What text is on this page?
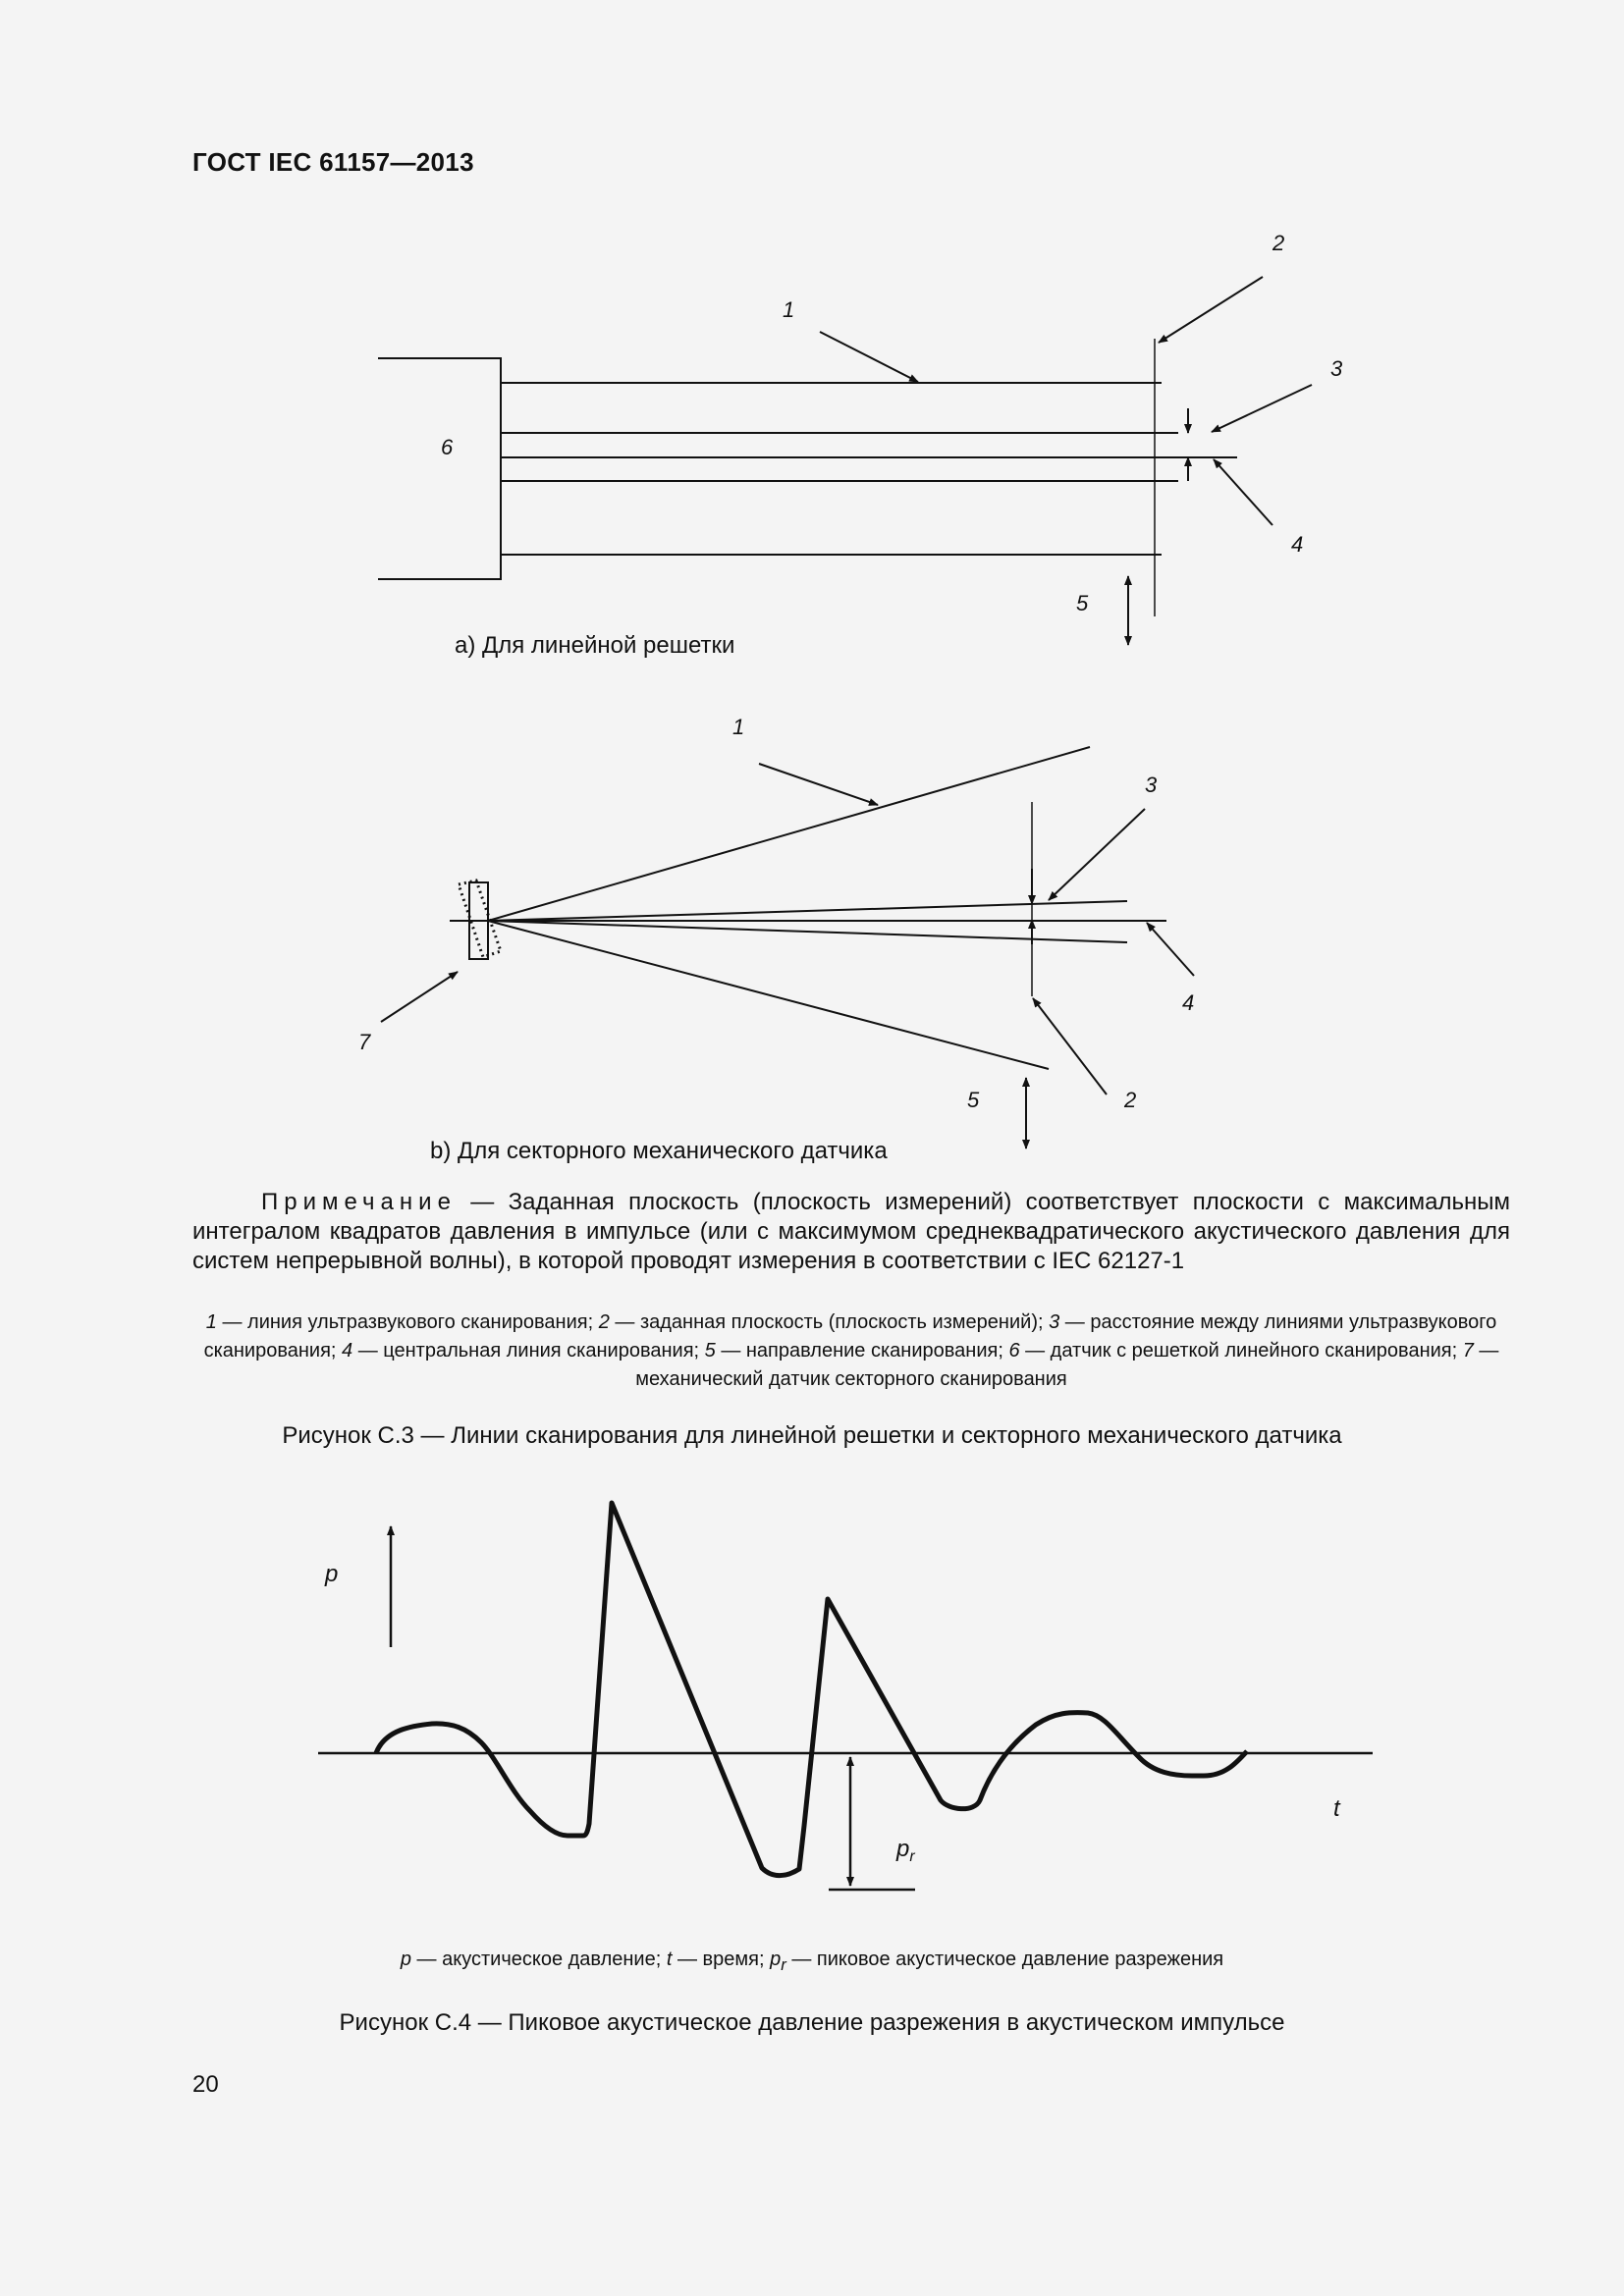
ГОСТ IEC 61157—2013
1
2
3
4
5
6
а) Для линейной решетки
1
3
4
2
5
7
b) Для секторного механического датчика
p
t
$p_r$
Примечание — Заданная плоскость (плоскость измерений) соответствует плоскости с максимальным интегралом квадратов давления в импульсе (или с максимумом среднеквадратического акустического давления для систем непрерывной волны), в которой проводят измерения в соответствии с IEC 62127-1
1 — линия ультразвукового сканирования; 2 — заданная плоскость (плоскость измерений); 3 — расстояние между линиями ультразвукового сканирования; 4 — центральная линия сканирования; 5 — направление сканирования; 6 — датчик с решеткой линейного сканирования; 7 — механический датчик секторного сканирования
Рисунок С.3 — Линии сканирования для линейной решетки и секторного механического датчика
p — акустическое давление; t — время; $p_r$ — пиковое акустическое давление разрежения
Рисунок С.4 — Пиковое акустическое давление разрежения в акустическом импульсе
20
